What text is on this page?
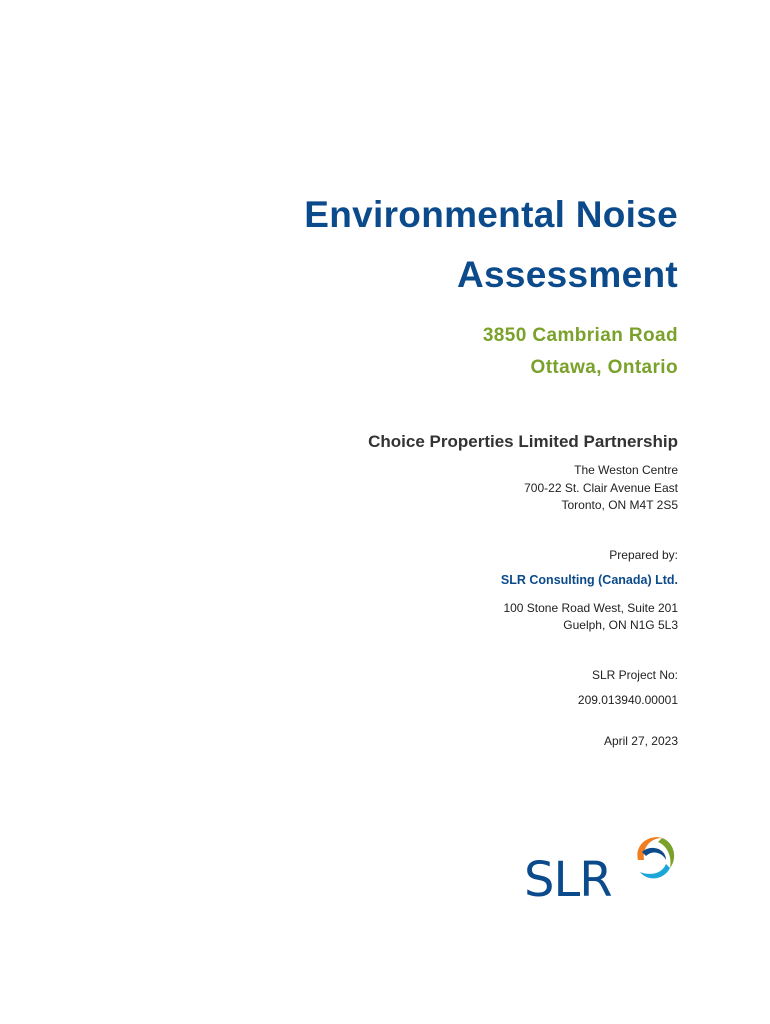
Environmental Noise
Assessment
3850 Cambrian Road
Ottawa, Ontario
Choice Properties Limited Partnership
The Weston Centre
700-22 St. Clair Avenue East
Toronto, ON M4T 2S5
Prepared by:
SLR Consulting (Canada) Ltd.
100 Stone Road West, Suite 201
Guelph, ON N1G 5L3
SLR Project No:
209.013940.00001
April 27, 2023
SLR
